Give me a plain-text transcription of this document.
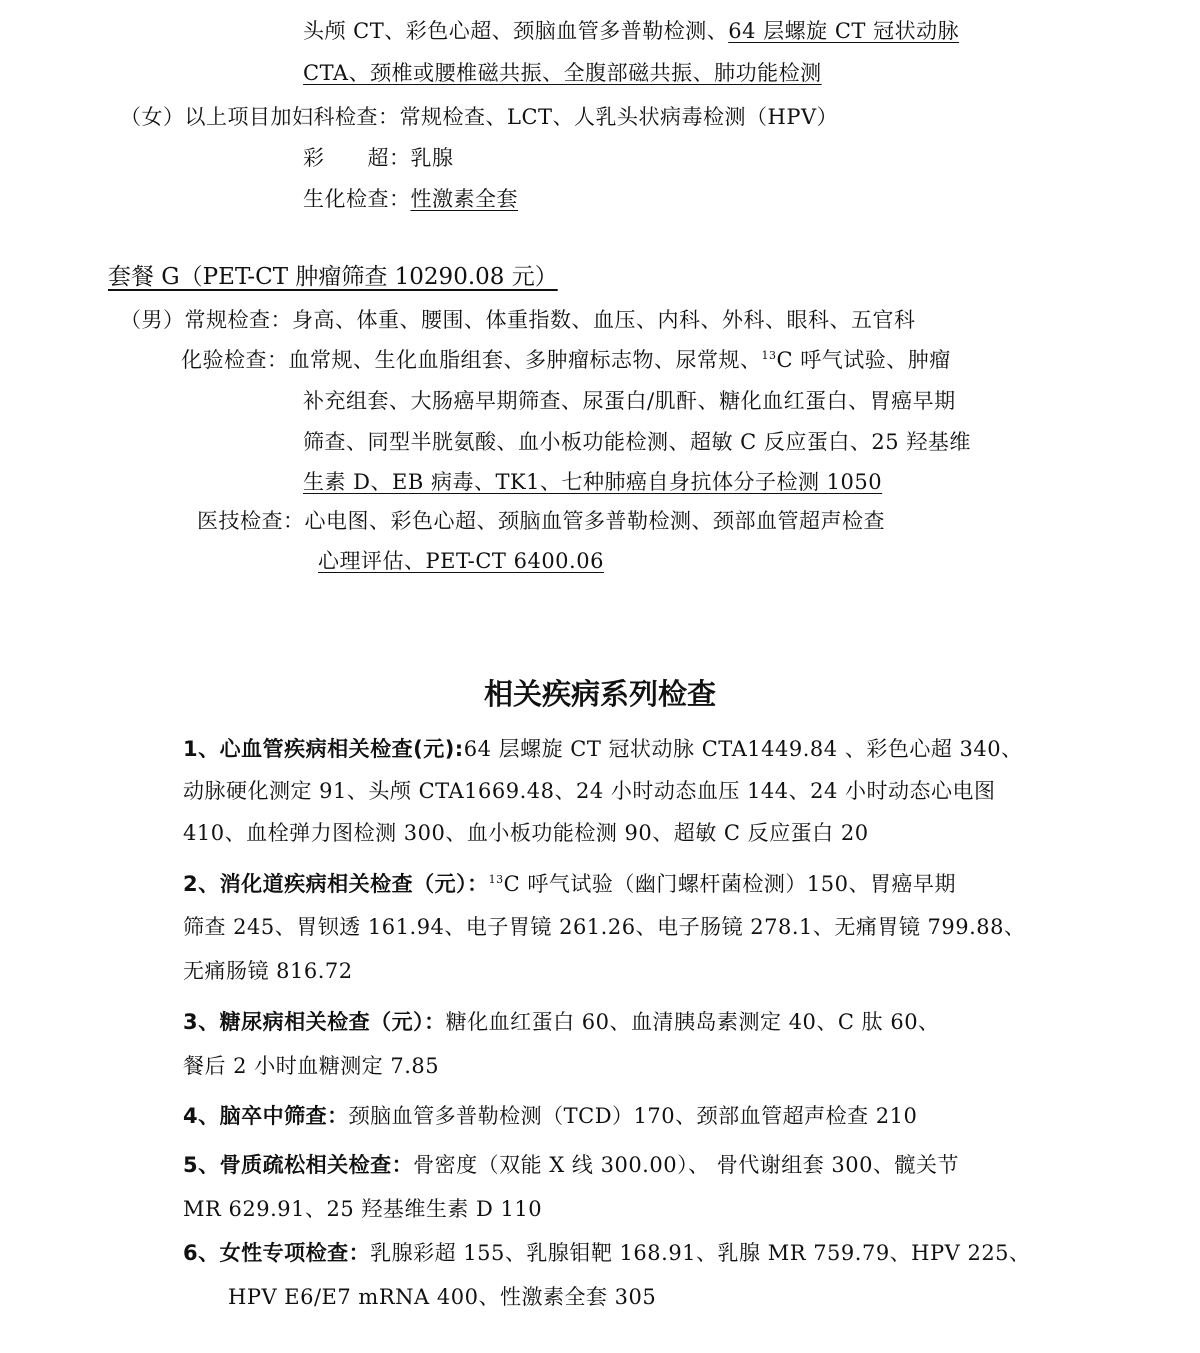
头颅 CT、彩色心超、颈脑血管多普勒检测、64 层螺旋 CT 冠状动脉
CTA、颈椎或腰椎磁共振、全腹部磁共振、肺功能检测
（女）以上项目加妇科检查：常规检查、LCT、人乳头状病毒检测（HPV）
彩　　超：乳腺
生化检查：性激素全套
套餐 G（PET-CT 肿瘤筛查 10290.08 元）
（男）常规检查：身高、体重、腰围、体重指数、血压、内科、外科、眼科、五官科
化验检查：血常规、生化血脂组套、多肿瘤标志物、尿常规、$^{13}$C 呼气试验、肿瘤
补充组套、大肠癌早期筛查、尿蛋白/肌酐、糖化血红蛋白、胃癌早期
筛查、同型半胱氨酸、血小板功能检测、超敏 C 反应蛋白、25 羟基维
生素 D、EB 病毒、TK1、七种肺癌自身抗体分子检测 1050
医技检查：心电图、彩色心超、颈脑血管多普勒检测、颈部血管超声检查
心理评估、PET-CT 6400.06
相关疾病系列检查
1、心血管疾病相关检查(元):64 层螺旋 CT 冠状动脉 CTA1449.84 、彩色心超 340、
动脉硬化测定 91、头颅 CTA1669.48、24 小时动态血压 144、24 小时动态心电图
410、血栓弹力图检测 300、血小板功能检测 90、超敏 C 反应蛋白 20
2、消化道疾病相关检查（元）：$^{13}$C 呼气试验（幽门螺杆菌检测）150、胃癌早期
筛查 245、胃钡透 161.94、电子胃镜 261.26、电子肠镜 278.1、无痛胃镜 799.88、
无痛肠镜 816.72
3、糖尿病相关检查（元）：糖化血红蛋白 60、血清胰岛素测定 40、C 肽 60、
餐后 2 小时血糖测定 7.85
4、脑卒中筛查：颈脑血管多普勒检测（TCD）170、颈部血管超声检查 210
5、骨质疏松相关检查：骨密度（双能 X 线 300.00）、 骨代谢组套 300、髋关节
MR 629.91、25 羟基维生素 D 110
6、女性专项检查：乳腺彩超 155、乳腺钼靶 168.91、乳腺 MR 759.79、HPV 225、
HPV E6/E7 mRNA 400、性激素全套 305
